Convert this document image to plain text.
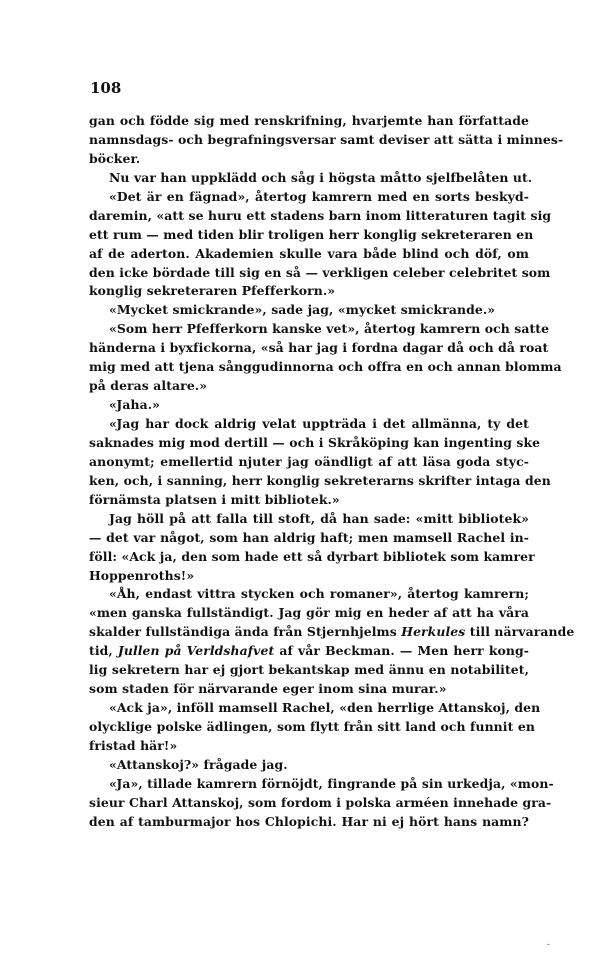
108
gan och födde sig med renskrifning, hvarjemte han författade
namnsdags- och begrafningsversar samt deviser att sätta i minnes-
böcker.
Nu var han uppklädd och såg i högsta måtto sjelfbelåten ut.
«Det är en fägnad», återtog kamrern med en sorts beskyd-
daremin, «att se huru ett stadens barn inom litteraturen tagit sig
ett rum — med tiden blir troligen herr konglig sekreteraren en
af de aderton. Akademien skulle vara både blind och döf, om
den icke bördade till sig en så — verkligen celeber celebritet som
konglig sekreteraren Pfefferkorn.»
«Mycket smickrande», sade jag, «mycket smickrande.»
«Som herr Pfefferkorn kanske vet», återtog kamrern och satte
händerna i byxfickorna, «så har jag i fordna dagar då och då roat
mig med att tjena sånggudinnorna och offra en och annan blomma
på deras altare.»
«Jaha.»
«Jag har dock aldrig velat uppträda i det allmänna, ty det
saknades mig mod dertill — och i Skråköping kan ingenting ske
anonymt; emellertid njuter jag oändligt af att läsa goda styc-
ken, och, i sanning, herr konglig sekreterarns skrifter intaga den
förnämsta platsen i mitt bibliotek.»
Jag höll på att falla till stoft, då han sade: «mitt bibliotek»
— det var något, som han aldrig haft; men mamsell Rachel in-
föll: «Ack ja, den som hade ett så dyrbart bibliotek som kamrer
Hoppenroths!»
«Åh, endast vittra stycken och romaner», återtog kamrern;
«men ganska fullständigt. Jag gör mig en heder af att ha våra
skalder fullständiga ända från Stjernhjelms Herkules till närvarande
tid, Jullen på Verldshafvet af vår Beckman. — Men herr kong-
lig sekretern har ej gjort bekantskap med ännu en notabilitet,
som staden för närvarande eger inom sina murar.»
«Ack ja», inföll mamsell Rachel, «den herrlige Attanskoj, den
olycklige polske ädlingen, som flytt från sitt land och funnit en
fristad här!»
«Attanskoj?» frågade jag.
«Ja», tillade kamrern förnöjdt, fingrande på sin urkedja, «mon-
sieur Charl Attanskoj, som fordom i polska arméen innehade gra-
den af tamburmajor hos Chlopichi. Har ni ej hört hans namn?
-
